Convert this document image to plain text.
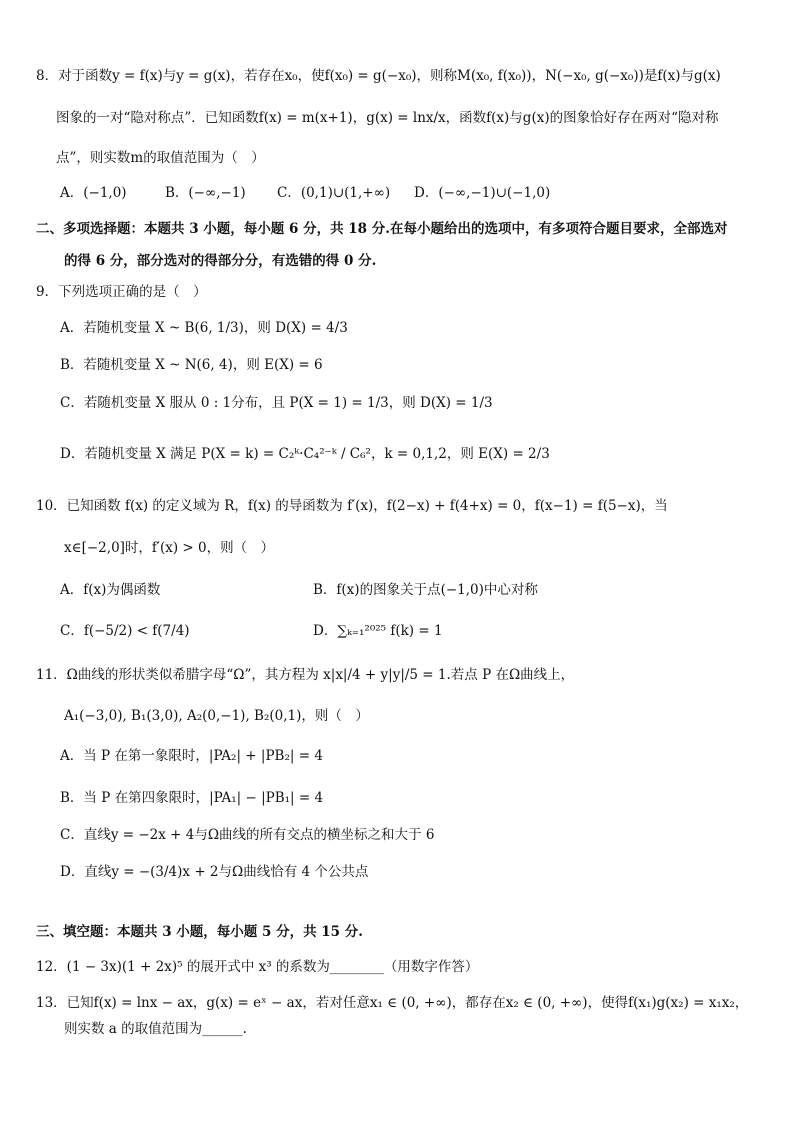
8．对于函数y = f(x)与y = g(x)，若存在x₀，使f(x₀) = g(−x₀)，则称M(x₀, f(x₀))，N(−x₀, g(−x₀))是f(x)与g(x)
图象的一对“隐对称点”．已知函数f(x) = m(x+1)，g(x) = lnx/x，函数f(x)与g(x)的图象恰好存在两对“隐对称
点”，则实数m的取值范围为（　）
A．(−1,0)	B．(−∞,−1) C．(0,1)∪(1,+∞) D．(−∞,−1)∪(−1,0)
二、多项选择题：本题共 3 小题，每小题 6 分，共 18 分.在每小题给出的选项中，有多项符合题目要求，全部选对
的得 6 分，部分选对的得部分分，有选错的得 0 分.
9．下列选项正确的是（　）
A．若随机变量 X ~ B(6, 1/3)，则 D(X) = 4/3
B．若随机变量 X ~ N(6, 4)，则 E(X) = 6
C．若随机变量 X 服从 0 : 1分布，且 P(X = 1) = 1/3，则 D(X) = 1/3
D．若随机变量 X 满足 P(X = k) = C₂ᵏ·C₄²⁻ᵏ / C₆²，k = 0,1,2，则 E(X) = 2/3
10．已知函数 f(x) 的定义域为 R，f(x) 的导函数为 f′(x)，f(2−x) + f(4+x) = 0，f(x−1) = f(5−x)，当
x∈[−2,0]时，f′(x) > 0，则（　）
A．f(x)为偶函数	B．f(x)的图象关于点(−1,0)中心对称
C．f(−5/2) < f(7/4)	D．∑ₖ₌₁²⁰²⁵ f(k) = 1
11．Ω曲线的形状类似希腊字母“Ω”，其方程为 x|x|/4 + y|y|/5 = 1.若点 P 在Ω曲线上，
A₁(−3,0), B₁(3,0), A₂(0,−1), B₂(0,1)，则（　）
A．当 P 在第一象限时，|PA₂| + |PB₂| = 4
B．当 P 在第四象限时，|PA₁| − |PB₁| = 4
C．直线y = −2x + 4与Ω曲线的所有交点的横坐标之和大于 6
D．直线y = −(3/4)x + 2与Ω曲线恰有 4 个公共点
三、填空题：本题共 3 小题，每小题 5 分，共 15 分.
12．(1 − 3x)(1 + 2x)⁵ 的展开式中 x³ 的系数为________（用数字作答）
13．已知f(x) = lnx − ax，g(x) = eˣ − ax，若对任意x₁ ∈ (0, +∞)，都存在x₂ ∈ (0, +∞)，使得f(x₁)g(x₂) = x₁x₂，
则实数 a 的取值范围为______.
